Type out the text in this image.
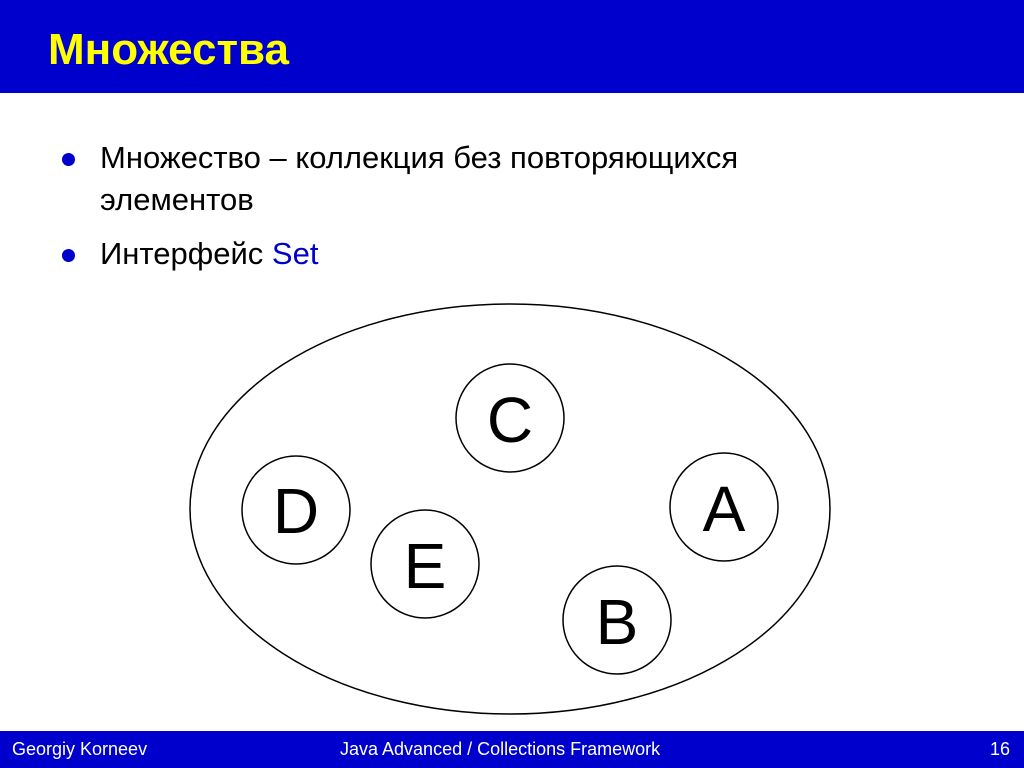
Множества
Множество – коллекция без повторяющихся элементов
Интерфейс Set
C
D	A
E
B
Georgiy Korneev	Java Advanced / Collections Framework	16
